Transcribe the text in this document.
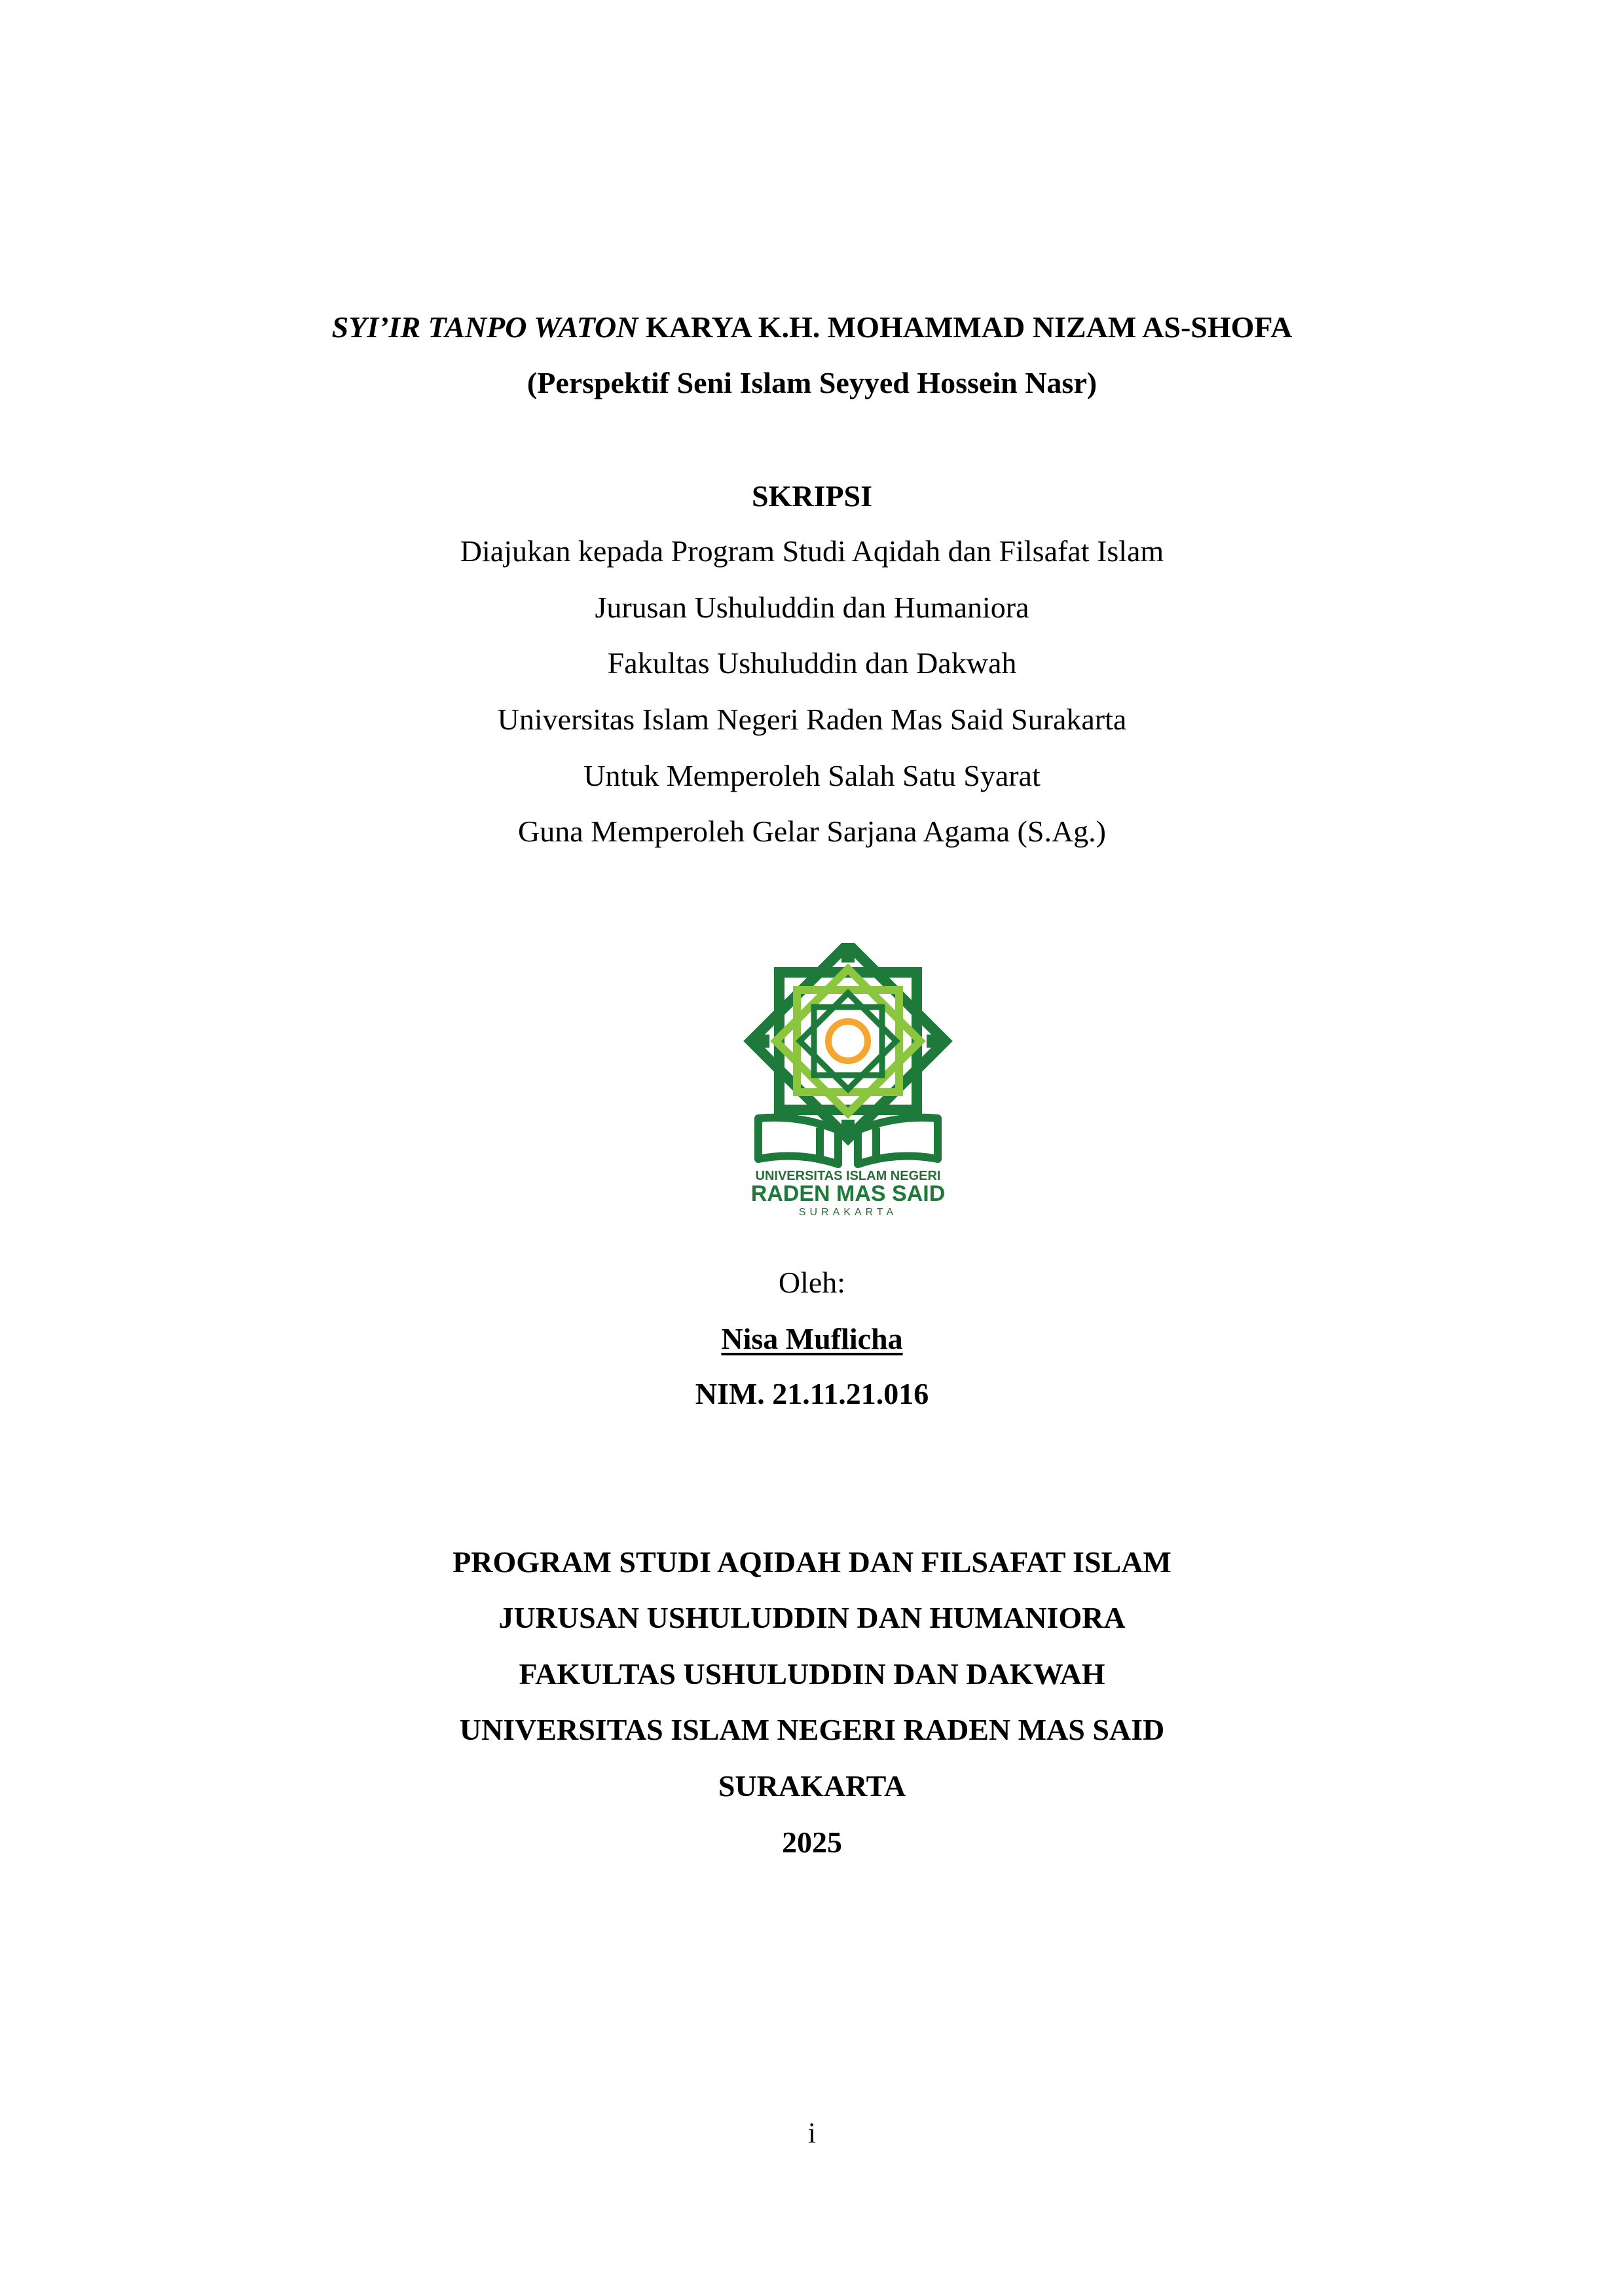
SYI’IR TANPO WATON KARYA K.H. MOHAMMAD NIZAM AS-SHOFA
(Perspektif Seni Islam Seyyed Hossein Nasr)
SKRIPSI
Diajukan kepada Program Studi Aqidah dan Filsafat Islam
Jurusan Ushuluddin dan Humaniora
Fakultas Ushuluddin dan Dakwah
Universitas Islam Negeri Raden Mas Said Surakarta
Untuk Memperoleh Salah Satu Syarat
Guna Memperoleh Gelar Sarjana Agama (S.Ag.)
UNIVERSITAS ISLAM NEGERI
RADEN MAS SAID
SURAKARTA
Oleh:
Nisa Muflicha
NIM. 21.11.21.016
PROGRAM STUDI AQIDAH DAN FILSAFAT ISLAM
JURUSAN USHULUDDIN DAN HUMANIORA
FAKULTAS USHULUDDIN DAN DAKWAH
UNIVERSITAS ISLAM NEGERI RADEN MAS SAID
SURAKARTA
2025
i
